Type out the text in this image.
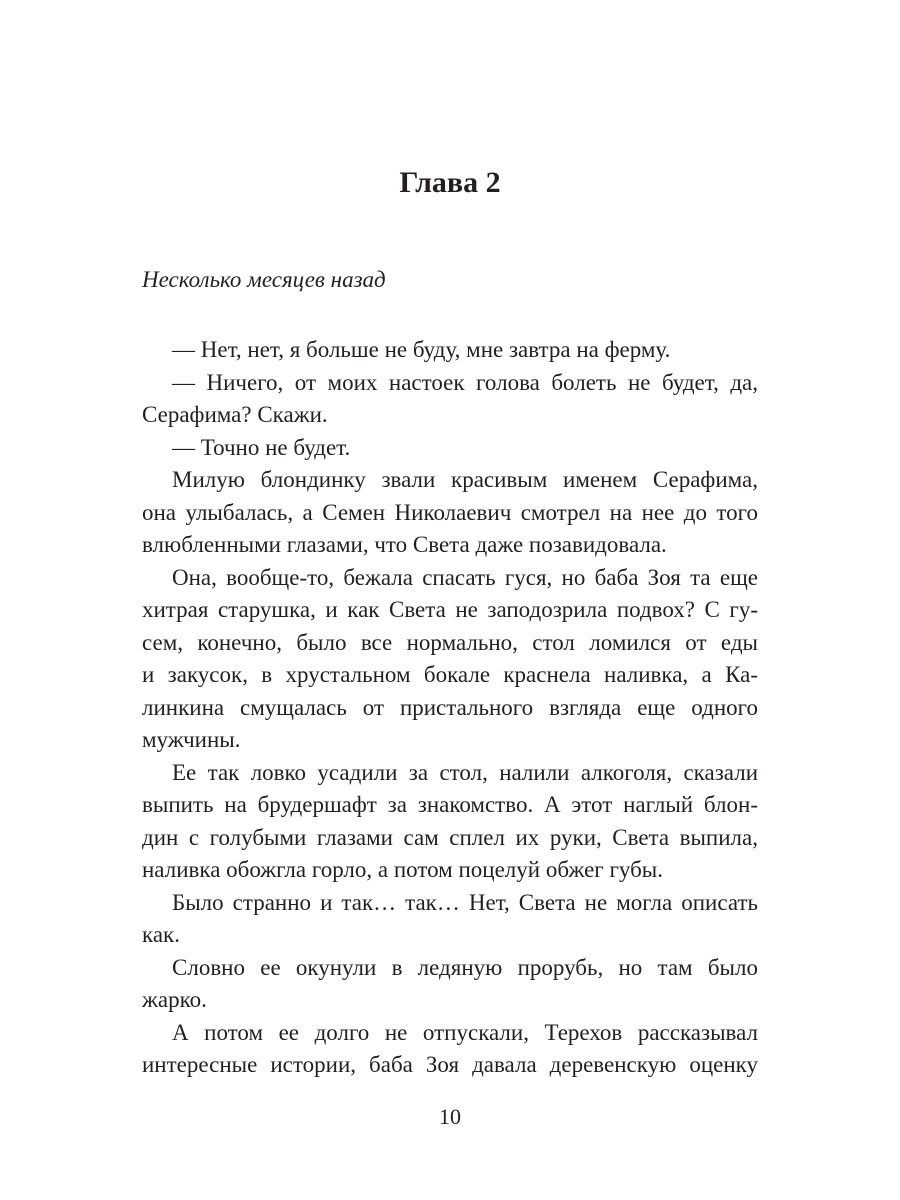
Глава 2
Несколько месяцев назад
— Нет, нет, я больше не буду, мне завтра на ферму.
— Ничего, от моих настоек голова болеть не будет, да,
Серафима? Скажи.
— Точно не будет.
Милую блондинку звали красивым именем Серафима,
она улыбалась, а Семен Николаевич смотрел на нее до того
влюбленными глазами, что Света даже позавидовала.
Она, вообще-то, бежала спасать гуся, но баба Зоя та еще
хитрая старушка, и как Света не заподозрила подвох? С гу-
сем, конечно, было все нормально, стол ломился от еды
и закусок, в хрустальном бокале краснела наливка, а Ка-
линкина смущалась от пристального взгляда еще одного
мужчины.
Ее так ловко усадили за стол, налили алкоголя, сказали
выпить на брудершафт за знакомство. А этот наглый блон-
дин с голубыми глазами сам сплел их руки, Света выпила,
наливка обожгла горло, а потом поцелуй обжег губы.
Было странно и так… так… Нет, Света не могла описать
как.
Словно ее окунули в ледяную прорубь, но там было
жарко.
А потом ее долго не отпускали, Терехов рассказывал
интересные истории, баба Зоя давала деревенскую оценку
10
